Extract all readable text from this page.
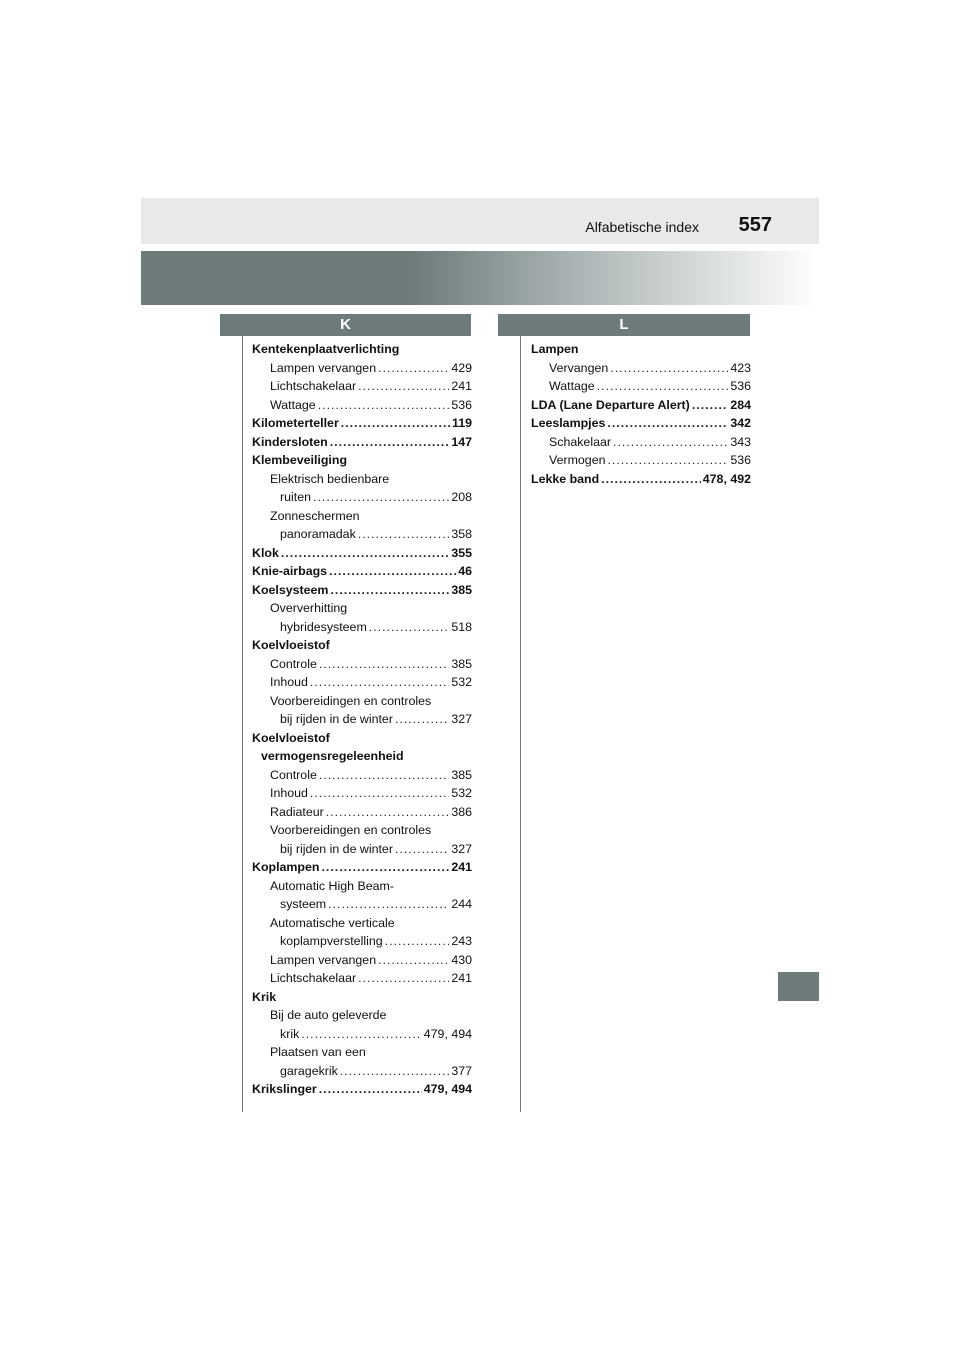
Alfabetische index 557
K	L
Kentekenplaatverlichting
Lampen vervangen .....	429
Lichtschakelaar .....	241
Wattage .....	536
Kilometerteller .....	119
Kindersloten .....	147
Klembeveiliging
Elektrisch bedienbare
ruiten .....	208
Zonneschermen
panoramadak .....	358
Klok .....	355
Knie-airbags .....	46
Koelsysteem .....	385
Oververhitting
hybridesysteem .....	518
Koelvloeistof
Controle .....	385
Inhoud .....	532
Voorbereidingen en controles
bij rijden in de winter .....	327
Koelvloeistof
vermogensregeleenheid
Controle .....	385
Inhoud .....	532
Radiateur .....	386
Voorbereidingen en controles
bij rijden in de winter .....	327
Koplampen .....	241
Automatic High Beam-
systeem .....	244
Automatische verticale
koplampverstelling .....	243
Lampen vervangen .....	430
Lichtschakelaar .....	241
Krik
Bij de auto geleverde
krik .....	479, 494
Plaatsen van een
garagekrik .....	377
Krikslinger .....	479, 494
Lampen
Vervangen .....	423
Wattage .....	536
LDA (Lane Departure Alert) .....	284
Leeslampjes .....	342
Schakelaar .....	343
Vermogen .....	536
Lekke band .....	478, 492
